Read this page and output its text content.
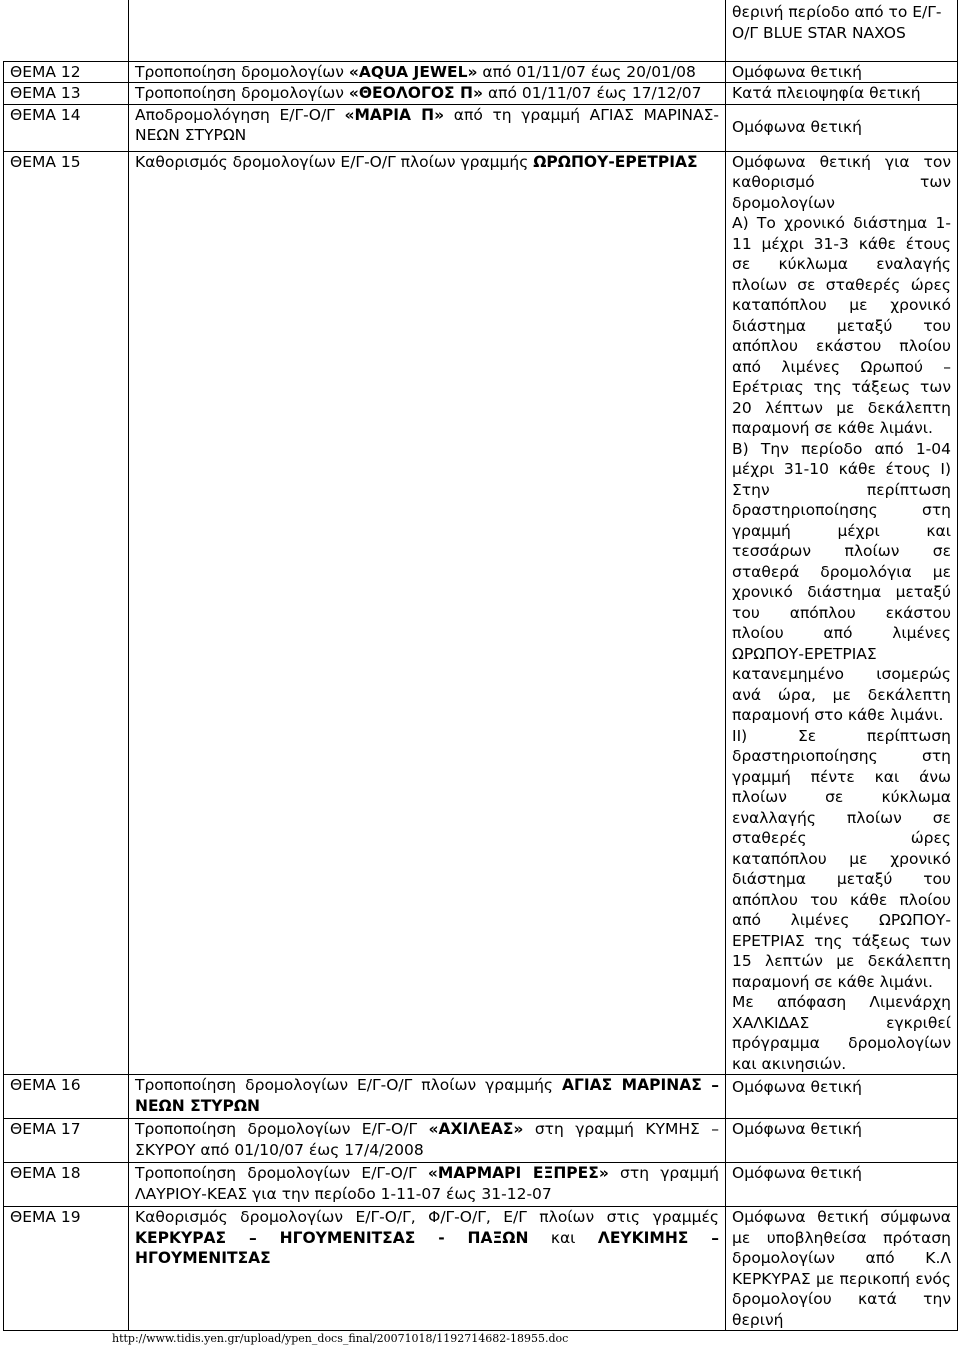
		θερινή περίοδο από το Ε/Γ-Ο/Γ BLUE STAR NAXOS
ΘΕΜΑ 12	Τροποποίηση δροµολογίων «AQUA JEWEL» από 01/11/07 έως 20/01/08	Οµόφωνα θετική
ΘΕΜΑ 13	Τροποποίηση δροµολογίων «ΘΕΟΛΟΓΟΣ Π» από 01/11/07 έως 17/12/07	Κατά πλειοψηφία θετική
ΘΕΜΑ 14	Αποδροµολόγηση Ε/Γ-Ο/Γ «ΜΑΡΙΑ Π» από τη γραµµή ΑΓΙΑΣ ΜΑΡΙΝΑΣ-ΝΕΩΝ ΣΤΥΡΩΝ	Οµόφωνα θετική
ΘΕΜΑ 15	Καθορισµός δροµολογίων Ε/Γ-Ο/Γ πλοίων γραµµής ΩΡΩΠΟΥ-ΕΡΕΤΡΙΑΣ	Οµόφωνα θετική για τον καθορισµό των δροµολογίων
Α) Το χρονικό διάστηµα 1-11 µέχρι 31-3 κάθε έτους σε κύκλωµα εναλαγής πλοίων σε σταθερές ώρες καταπόπλου µε χρονικό διάστηµα µεταξύ του απόπλου εκάστου πλοίου από λιµένες Ωρωπού – Ερέτριας της τάξεως των 20 λέπτων µε δεκάλεπτη παραµονή σε κάθε λιµάνι.
Β) Την περίοδο από 1-04 µέχρι 31-10 κάθε έτους Ι) Στην περίπτωση δραστηριοποίησης στη γραµµή µέχρι και τεσσάρων πλοίων σε σταθερά δροµολόγια µε χρονικό διάστηµα µεταξύ του απόπλου εκάστου πλοίου από λιµένες ΩΡΩΠΟΥ-ΕΡΕΤΡΙΑΣ κατανεµηµένο ισοµερώς ανά ώρα, µε δεκάλεπτη παραµονή στο κάθε λιµάνι.
ΙΙ) Σε περίπτωση δραστηριοποίησης στη γραµµή πέντε και άνω πλοίων σε κύκλωµα εναλλαγής πλοίων σε σταθερές ώρες καταπόπλου µε χρονικό διάστηµα µεταξύ του απόπλου του κάθε πλοίου από λιµένες ΩΡΩΠΟΥ-ΕΡΕΤΡΙΑΣ της τάξεως των 15 λεπτών µε δεκάλεπτη παραµονή σε κάθε λιµάνι.
Με απόφαση Λιµενάρχη ΧΑΛΚΙ∆ΑΣ εγκριθεί πρόγραµµα δροµολογίων και ακινησιών.

ΘΕΜΑ 16	Τροποποίηση δροµολογίων Ε/Γ-Ο/Γ πλοίων γραµµής ΑΓΙΑΣ ΜΑΡΙΝΑΣ – ΝΕΩΝ ΣΤΥΡΩΝ	Οµόφωνα θετική
ΘΕΜΑ 17	Τροποποίηση δροµολογίων Ε/Γ-Ο/Γ «ΑΧΙΛΕΑΣ» στη γραµµή ΚΥΜΗΣ – ΣΚΥΡΟΥ από 01/10/07 έως 17/4/2008	Οµόφωνα θετική
ΘΕΜΑ 18	Τροποποίηση δροµολογίων Ε/Γ-Ο/Γ «ΜΑΡΜΑΡΙ ΕΞΠΡΕΣ» στη γραµµή ΛΑΥΡΙΟΥ-ΚΕΑΣ για την περίοδο 1-11-07 έως 31-12-07	Οµόφωνα θετική
ΘΕΜΑ 19	Καθορισµός δροµολογίων Ε/Γ-Ο/Γ, Φ/Γ-Ο/Γ, Ε/Γ πλοίων στις γραµµές ΚΕΡΚΥΡΑΣ – ΗΓΟΥΜΕΝΙΤΣΑΣ - ΠΑΞΩΝ και ΛΕΥΚΙΜΗΣ – ΗΓΟΥΜΕΝΙΤΣΑΣ	Οµόφωνα θετική σύµφωνα µε υποβληθείσα πρόταση δροµολογίων από Κ.Λ ΚΕΡΚΥΡΑΣ µε περικοπή ενός δροµολογίου κατά την θερινή
http://www.tidis.yen.gr/upload/ypen_docs_final/20071018/1192714682-18955.doc
